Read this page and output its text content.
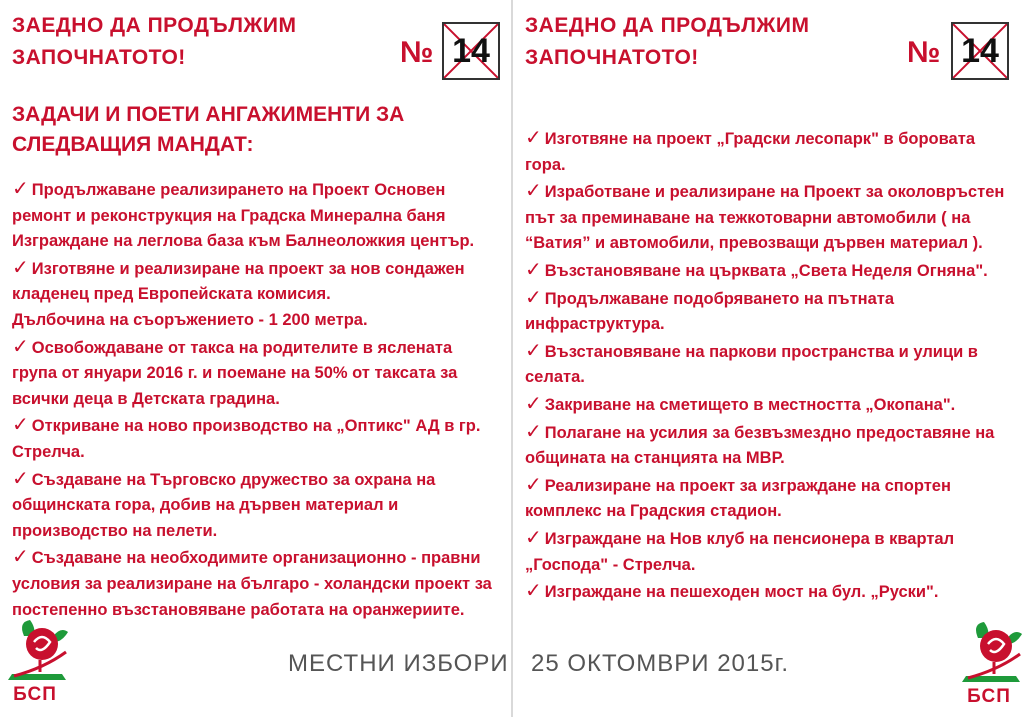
ЗАЕДНО ДА ПРОДЪЛЖИМ
ЗАПОЧНАТОТО!	№ 14
ЗАДАЧИ И ПОЕТИ АНГАЖИМЕНТИ ЗА
СЛЕДВАЩИЯ МАНДАТ:

✓ Продължаване реализирането на Проект Основен ремонт и реконструкция на Градска Минерална баня Изграждане на леглова база към Балнеоложкия център.

✓ Изготвяне и реализиране на проект за нов сондажен кладенец пред Европейската комисия.

Дълбочина на съоръжението - 1 200 метра.

✓ Освобождаване от такса на родителите в яслената група от януари 2016 г. и поемане на 50% от таксата за всички деца в Детската градина.

✓ Откриване на ново производство на „Оптикс" АД в гр. Стрелча.

✓ Създаване на Търговско дружество за охрана на общинската гора, добив на дървен материал и производство на пелети.

✓ Създаване на необходимите организационно - правни условия за реализиране на българо - холандски проект за постепенно възстановяване работата на оранжериите.

МЕСТНИ ИЗБОРИ
БСП
ЗАЕДНО ДА ПРОДЪЛЖИМ
ЗАПОЧНАТОТО!	№ 14

✓ Изготвяне на проект „Градски лесопарк" в боровата гора.

✓ Изработване и реализиране на Проект за околовръстен път за преминаване на тежкотоварни автомобили ( на “Ватия” и автомобили, превозващи дървен материал ).

✓ Възстановяване на църквата „Света Неделя Огняна".

✓ Продължаване подобряването на пътната инфраструктура.

✓ Възстановяване на паркови пространства и улици в селата.

✓ Закриване на сметището в местността „Окопана".

✓ Полагане на усилия за безвъзмездно предоставяне на общината на станцията на МВР.

✓ Реализиране на проект за изграждане на спортен комплекс на Градския стадион.

✓ Изграждане на Нов клуб на пенсионера в квартал „Господа" - Стрелча.

✓ Изграждане на пешеходен мост на бул. „Руски".

25 ОКТОМВРИ 2015г.
БСП
